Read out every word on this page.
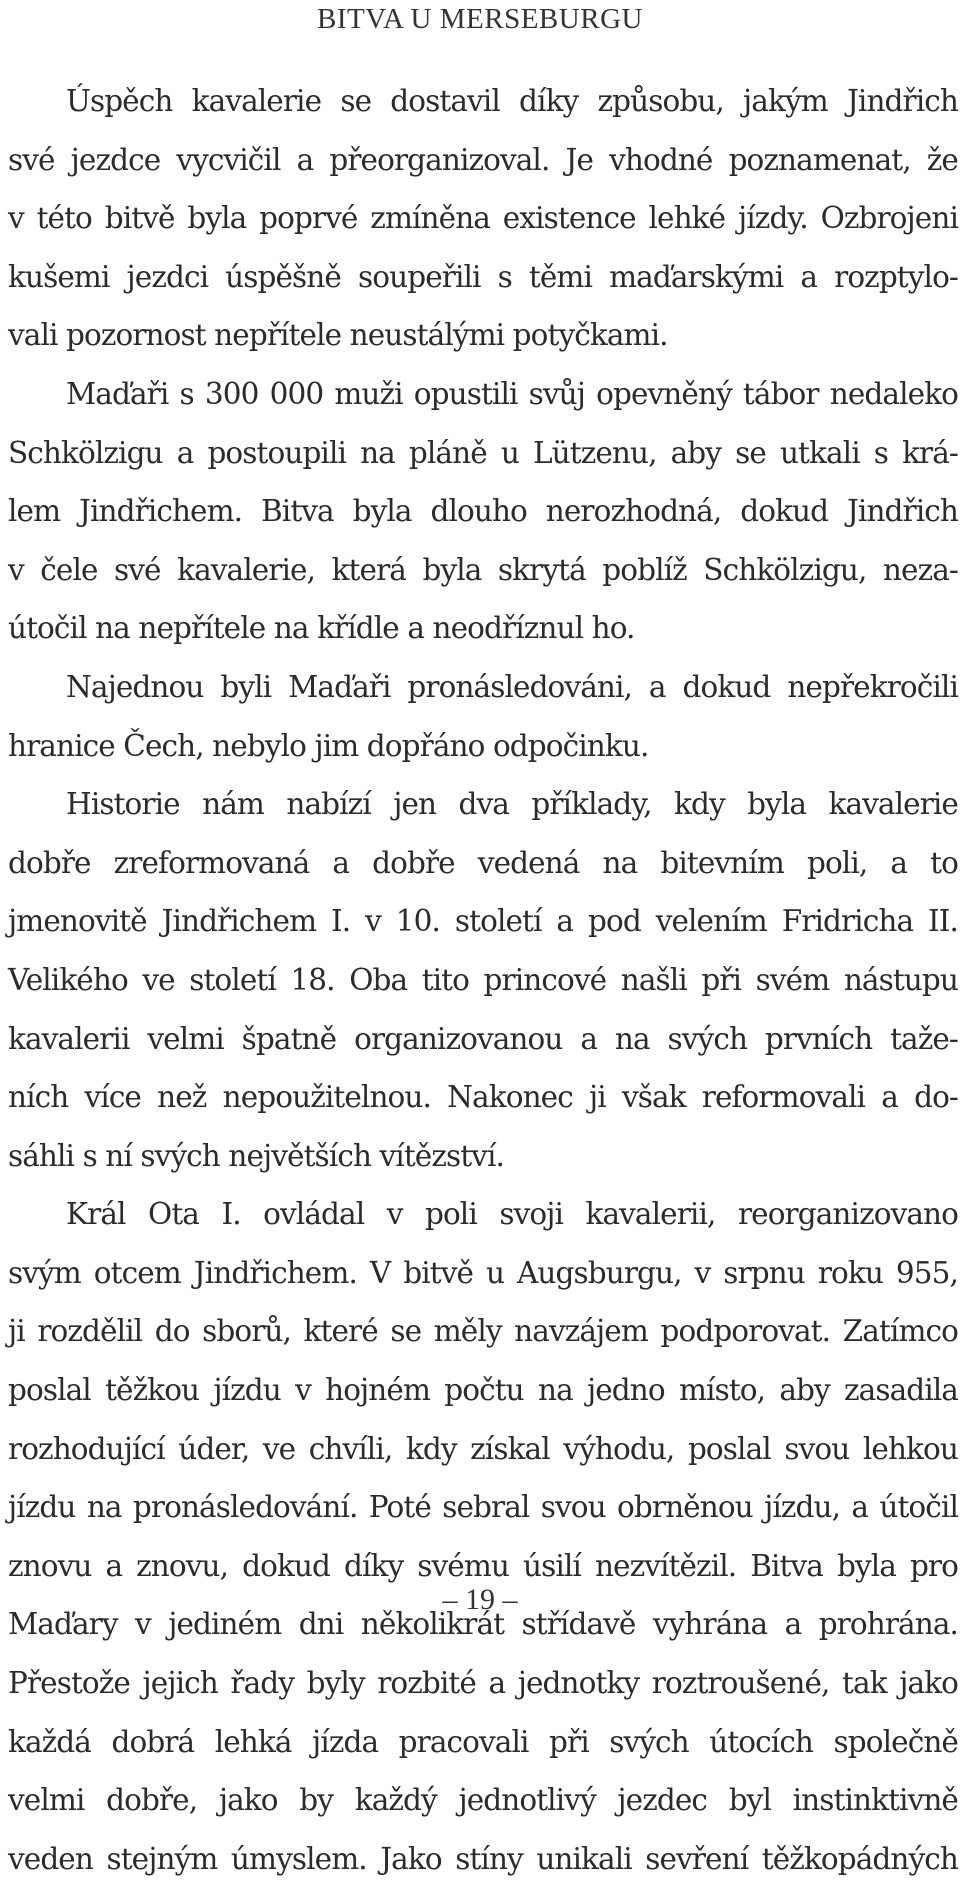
BITVA U MERSEBURGU
Úspěch kavalerie se dostavil díky způsobu, jakým Jindřich
své jezdce vycvičil a přeorganizoval. Je vhodné poznamenat, že
v této bitvě byla poprvé zmíněna existence lehké jízdy. Ozbrojeni
kušemi jezdci úspěšně soupeřili s těmi maďarskými a rozptylo-
vali pozornost nepřítele neustálými potyčkami.
Maďaři s 300 000 muži opustili svůj opevněný tábor nedaleko
Schkölzigu a postoupili na pláně u Lützenu, aby se utkali s krá-
lem Jindřichem. Bitva byla dlouho nerozhodná, dokud Jindřich
v čele své kavalerie, která byla skrytá poblíž Schkölzigu, neza-
útočil na nepřítele na křídle a neodříznul ho.
Najednou byli Maďaři pronásledováni, a dokud nepřekročili
hranice Čech, nebylo jim dopřáno odpočinku.
Historie nám nabízí jen dva příklady, kdy byla kavalerie
dobře zreformovaná a dobře vedená na bitevním poli, a to
jmenovitě Jindřichem I. v 10. století a pod velením Fridricha II.
Velikého ve století 18. Oba tito princové našli při svém nástupu
kavalerii velmi špatně organizovanou a na svých prvních taže-
ních více než nepoužitelnou. Nakonec ji však reformovali a do-
sáhli s ní svých největších vítězství.
Král Ota I. ovládal v poli svoji kavalerii, reorganizovano
svým otcem Jindřichem. V bitvě u Augsburgu, v srpnu roku 955,
ji rozdělil do sborů, které se měly navzájem podporovat. Zatímco
poslal těžkou jízdu v hojném počtu na jedno místo, aby zasadila
rozhodující úder, ve chvíli, kdy získal výhodu, poslal svou lehkou
jízdu na pronásledování. Poté sebral svou obrněnou jízdu, a útočil
znovu a znovu, dokud díky svému úsilí nezvítězil. Bitva byla pro
Maďary v jediném dni několikrát střídavě vyhrána a prohrána.
Přestože jejich řady byly rozbité a jednotky roztroušené, tak jako
každá dobrá lehká jízda pracovali při svých útocích společně
velmi dobře, jako by každý jednotlivý jezdec byl instinktivně
veden stejným úmyslem. Jako stíny unikali sevření těžkopádných
– 19 –
